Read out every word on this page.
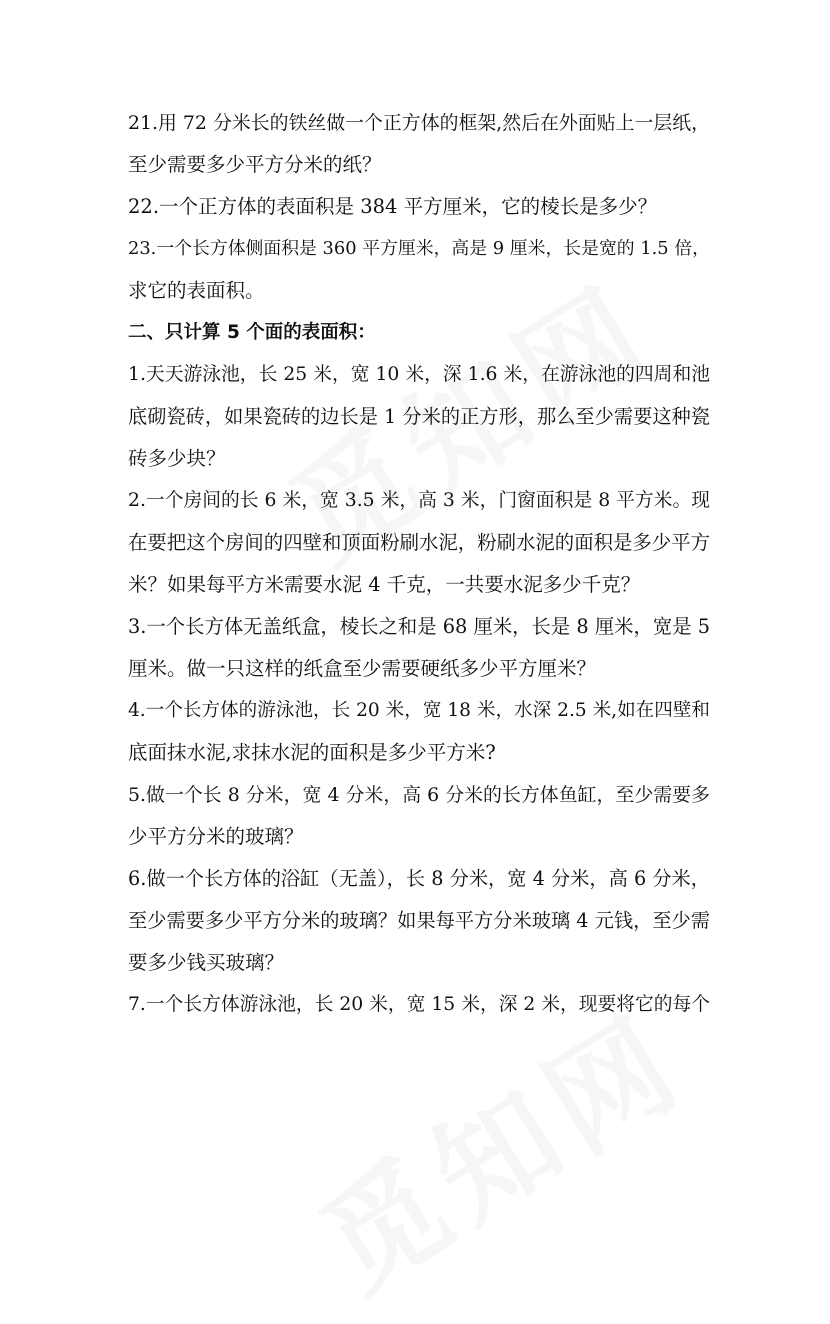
21.用 72 分米长的铁丝做一个正方体的框架,然后在外面贴上一层纸，
至少需要多少平方分米的纸？
22.一个正方体的表面积是 384 平方厘米，它的棱长是多少？
23.一个长方体侧面积是 360 平方厘米，高是 9 厘米，长是宽的 1.5 倍，
求它的表面积。
二、只计算 5 个面的表面积：
1.天天游泳池，长 25 米，宽 10 米，深 1.6 米，在游泳池的四周和池
底砌瓷砖，如果瓷砖的边长是 1 分米的正方形，那么至少需要这种瓷
砖多少块？
2.一个房间的长 6 米，宽 3.5 米，高 3 米，门窗面积是 8 平方米。现
在要把这个房间的四壁和顶面粉刷水泥，粉刷水泥的面积是多少平方
米？如果每平方米需要水泥 4 千克，一共要水泥多少千克？
3.一个长方体无盖纸盒，棱长之和是 68 厘米，长是 8 厘米，宽是 5
厘米。做一只这样的纸盒至少需要硬纸多少平方厘米？
4.一个长方体的游泳池，长 20 米，宽 18 米，水深 2.5 米,如在四壁和
底面抹水泥,求抹水泥的面积是多少平方米?
5.做一个长 8 分米，宽 4 分米，高 6 分米的长方体鱼缸，至少需要多
少平方分米的玻璃？
6.做一个长方体的浴缸（无盖），长 8 分米，宽 4 分米，高 6 分米，
至少需要多少平方分米的玻璃？如果每平方分米玻璃 4 元钱，至少需
要多少钱买玻璃？
7.一个长方体游泳池，长 20 米，宽 15 米，深 2 米，现要将它的每个
